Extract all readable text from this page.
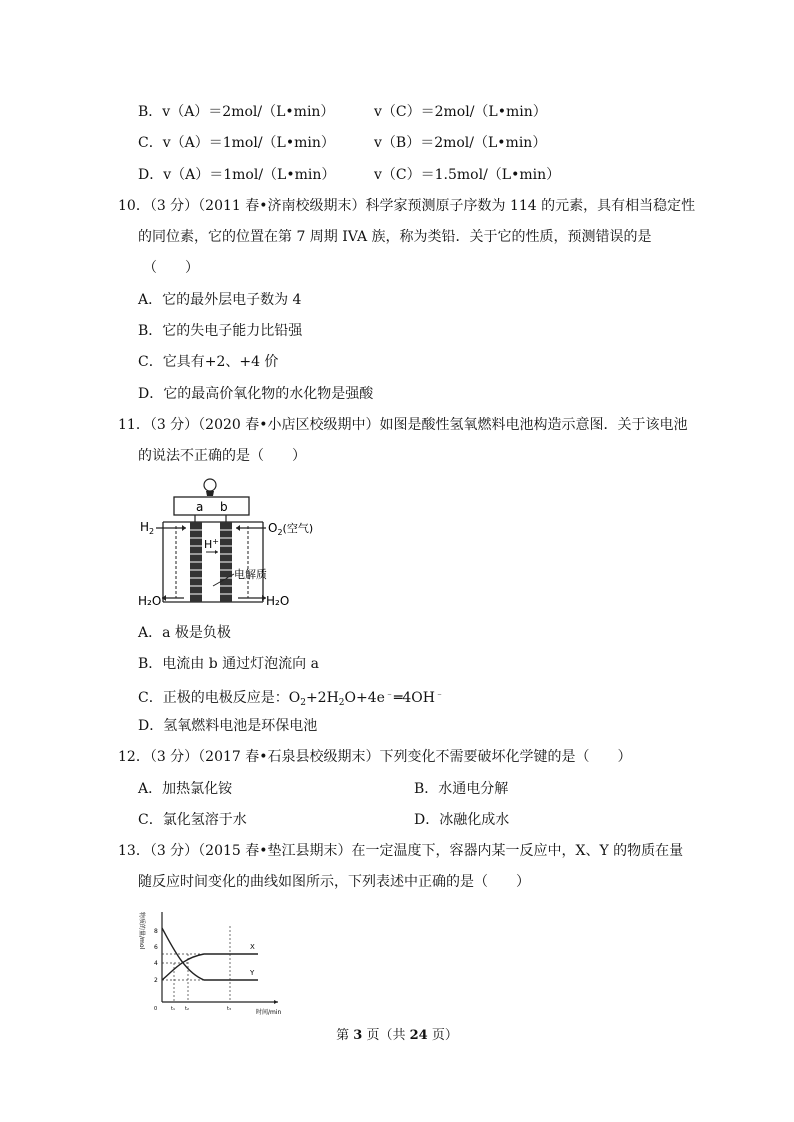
B．v（A）＝2mol/（L•min）	v（C）＝2mol/（L•min）
C．v（A）＝1mol/（L•min）	v（B）＝2mol/（L•min）
D．v（A）＝1mol/（L•min）	v（C）＝1.5mol/（L•min）
10．（3 分）（2011 春•济南校级期末）科学家预测原子序数为 114 的元素，具有相当稳定性
的同位素，它的位置在第 7 周期 IVA 族，称为类铅．关于它的性质，预测错误的是
（　　）
A．它的最外层电子数为 4
B．它的失电子能力比铅强
C．它具有+2、+4 价
D．它的最高价氧化物的水化物是强酸
11．（3 分）（2020 春•小店区校级期中）如图是酸性氢氧燃料电池构造示意图．关于该电池
的说法不正确的是（　　）
a b
$H_2$	$O_2$(空气)
H+
电解质
H₂O	H₂O
A．a 极是负极
B．电流由 b 通过灯泡流向 a
C．正极的电极反应是：$O_2+2H_2O+4e^﹣═4OH^﹣$
D．氢氧燃料电池是环保电池
12．（3 分）（2017 春•石泉县校级期末）下列变化不需要破坏化学键的是（　　）
A．加热氯化铵	B．水通电分解
C．氯化氢溶于水	D．冰融化成水
13．（3 分）（2015 春•垫江县期末）在一定温度下，容器内某一反应中，X、Y 的物质在量
随反应时间变化的曲线如图所示，下列表述中正确的是（　　）
物质的量/mol 8
6
4
2
X
Y
0	t₁ t₂	t₃	时间/min
第 3 页（共 24 页）
